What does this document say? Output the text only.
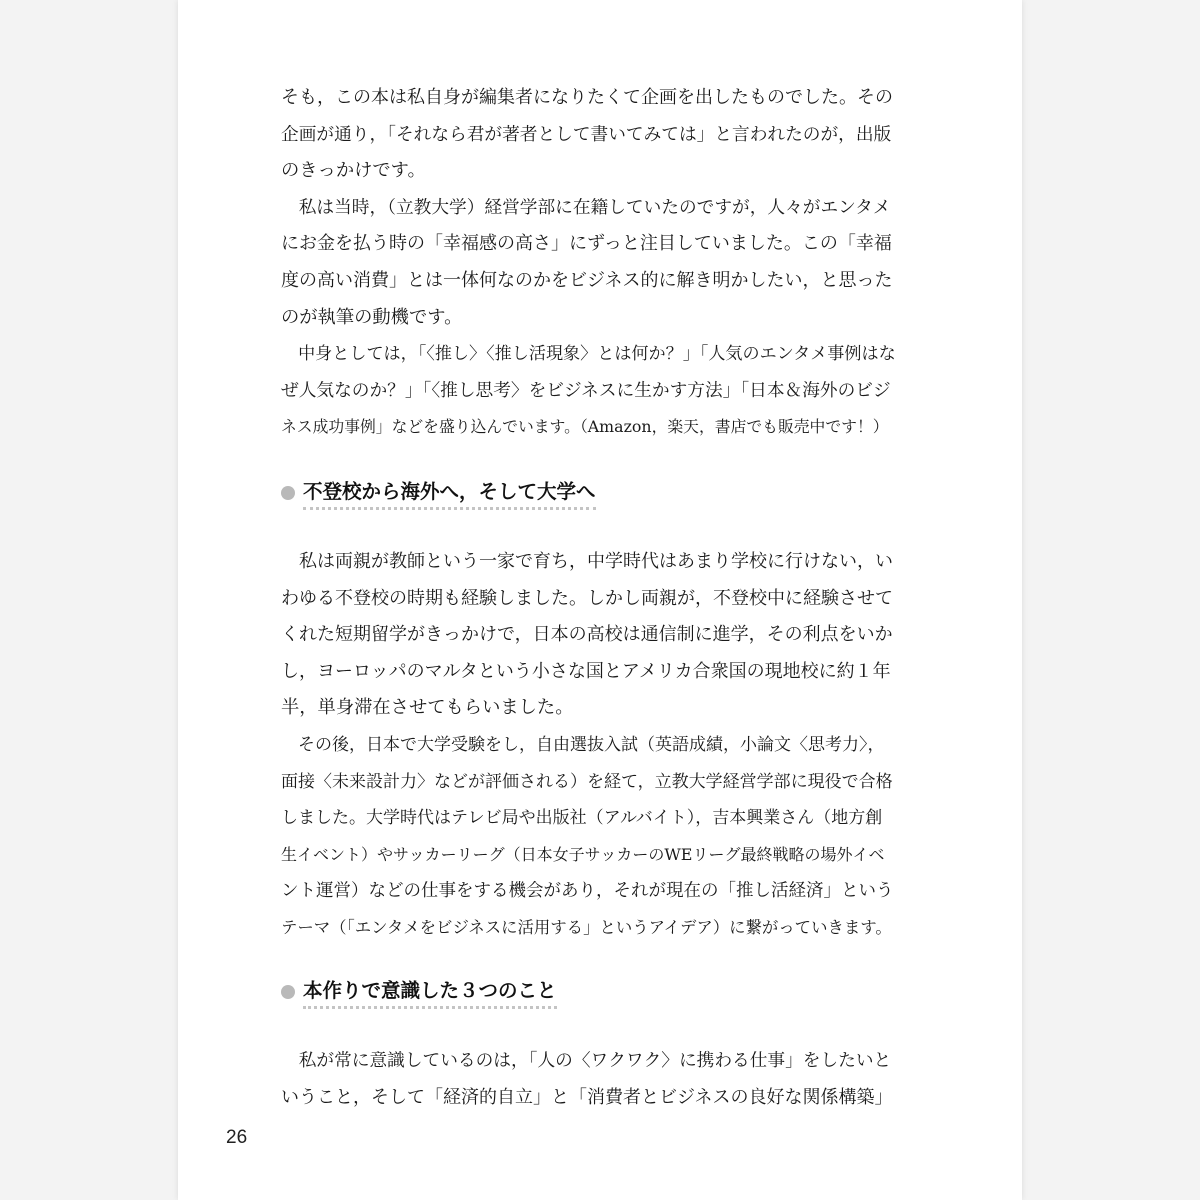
そも，この本は私自身が編集者になりたくて企画を出したものでした。その
企画が通り，「それなら君が著者として書いてみては」と言われたのが，出版
のきっかけです。
　私は当時，（立教大学）経営学部に在籍していたのですが，人々がエンタメ
にお金を払う時の「幸福感の高さ」にずっと注目していました。この「幸福
度の高い消費」とは一体何なのかをビジネス的に解き明かしたい，と思った
のが執筆の動機です。
　中身としては，「〈推し〉〈推し活現象〉とは何か？」「人気のエンタメ事例はな
ぜ人気なのか？」「〈推し思考〉をビジネスに生かす方法」「日本＆海外のビジ
ネス成功事例」などを盛り込んでいます。（Amazon，楽天，書店でも販売中です！）
不登校から海外へ，そして大学へ
　私は両親が教師という一家で育ち，中学時代はあまり学校に行けない，い
わゆる不登校の時期も経験しました。しかし両親が，不登校中に経験させて
くれた短期留学がきっかけで，日本の高校は通信制に進学，その利点をいか
し，ヨーロッパのマルタという小さな国とアメリカ合衆国の現地校に約１年
半，単身滞在させてもらいました。
　その後，日本で大学受験をし，自由選抜入試（英語成績，小論文〈思考力〉，
面接〈未来設計力〉などが評価される）を経て，立教大学経営学部に現役で合格
しました。大学時代はテレビ局や出版社（アルバイト），吉本興業さん（地方創
生イベント）やサッカーリーグ（日本女子サッカーのWEリーグ最終戦略の場外イベ
ント運営）などの仕事をする機会があり，それが現在の「推し活経済」という
テーマ（「エンタメをビジネスに活用する」というアイデア）に繋がっていきます。
本作りで意識した３つのこと
　私が常に意識しているのは，「人の〈ワクワク〉に携わる仕事」をしたいと
いうこと，そして「経済的自立」と「消費者とビジネスの良好な関係構築」
26
